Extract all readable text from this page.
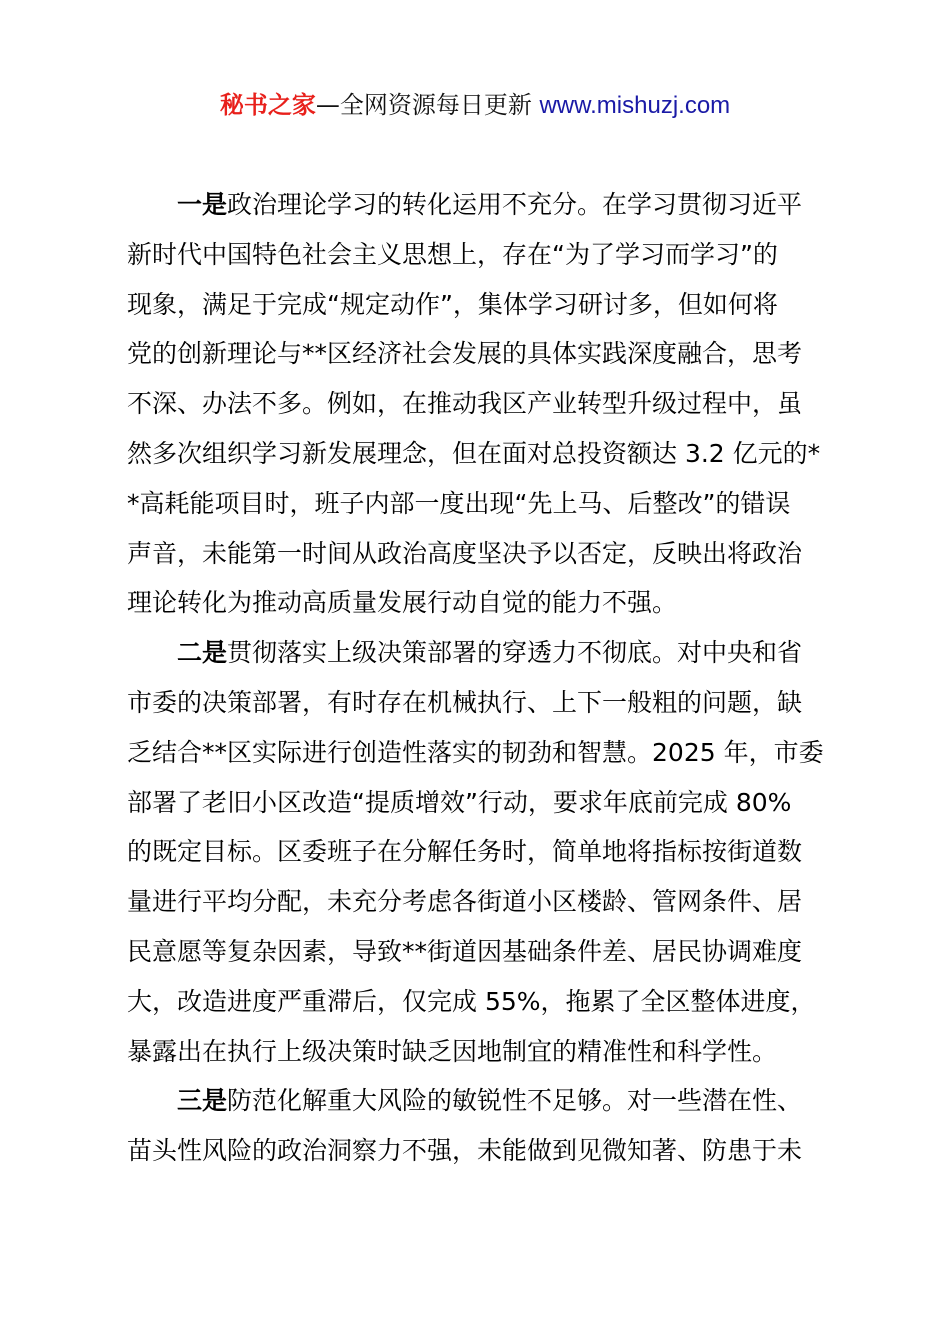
秘书之家—全网资源每日更新 www.mishuzj.com

一是政治理论学习的转化运用不充分。在学习贯彻习近平
新时代中国特色社会主义思想上，存在“为了学习而学习”的
现象，满足于完成“规定动作”，集体学习研讨多，但如何将
党的创新理论与**区经济社会发展的具体实践深度融合，思考
不深、办法不多。例如，在推动我区产业转型升级过程中，虽
然多次组织学习新发展理念，但在面对总投资额达 3.2 亿元的*
*高耗能项目时，班子内部一度出现“先上马、后整改”的错误
声音，未能第一时间从政治高度坚决予以否定，反映出将政治
理论转化为推动高质量发展行动自觉的能力不强。

二是贯彻落实上级决策部署的穿透力不彻底。对中央和省
市委的决策部署，有时存在机械执行、上下一般粗的问题，缺
乏结合**区实际进行创造性落实的韧劲和智慧。2025 年，市委
部署了老旧小区改造“提质增效”行动，要求年底前完成 80%
的既定目标。区委班子在分解任务时，简单地将指标按街道数
量进行平均分配，未充分考虑各街道小区楼龄、管网条件、居
民意愿等复杂因素，导致**街道因基础条件差、居民协调难度
大，改造进度严重滞后，仅完成 55%，拖累了全区整体进度，
暴露出在执行上级决策时缺乏因地制宜的精准性和科学性。

三是防范化解重大风险的敏锐性不足够。对一些潜在性、
苗头性风险的政治洞察力不强，未能做到见微知著、防患于未
